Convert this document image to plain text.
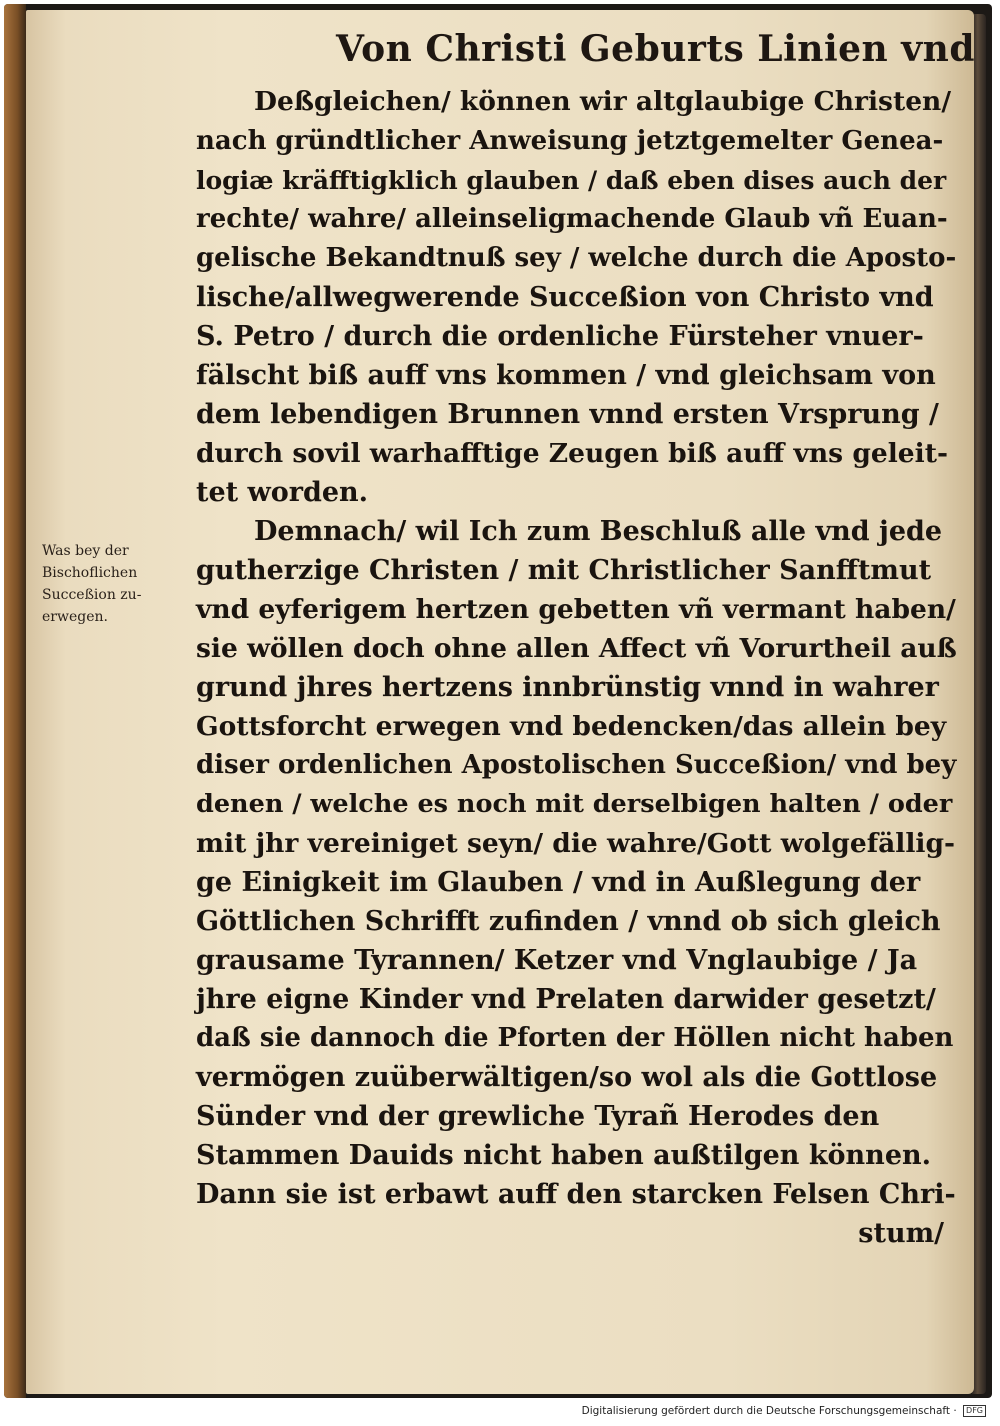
Von Christi Geburts Linien vnd
Deßgleichen/ können wir altglaubige Christen/
nach gründtlicher Anweisung jetztgemelter Genea-
logiæ kräfftigklich glauben / daß eben dises auch der
rechte/ wahre/ alleinseligmachende Glaub vñ Euan-
gelische Bekandtnuß sey / welche durch die Aposto-
lische/allwegwerende Succeßion von Christo vnd
S. Petro / durch die ordenliche Fürsteher vnuer-
fälscht biß auff vns kommen / vnd gleichsam von
dem lebendigen Brunnen vnnd ersten Vrsprung /
durch sovil warhafftige Zeugen biß auff vns geleit-
tet worden.
Demnach/ wil Ich zum Beschluß alle vnd jede
gutherzige Christen / mit Christlicher Sanfftmut
vnd eyferigem hertzen gebetten vñ vermant haben/
sie wöllen doch ohne allen Affect vñ Vorurtheil auß
grund jhres hertzens innbrünstig vnnd in wahrer
Gottsforcht erwegen vnd bedencken/das allein bey
diser ordenlichen Apostolischen Succeßion/ vnd bey
denen / welche es noch mit derselbigen halten / oder
mit jhr vereiniget seyn/ die wahre/Gott wolgefällig-
ge Einigkeit im Glauben / vnd in Außlegung der
Göttlichen Schrifft zufinden / vnnd ob sich gleich
grausame Tyrannen/ Ketzer vnd Vnglaubige / Ja
jhre eigne Kinder vnd Prelaten darwider gesetzt/
daß sie dannoch die Pforten der Höllen nicht haben
vermögen zuüberwältigen/so wol als die Gottlose
Sünder vnd der grewliche Tyrañ Herodes den
Stammen Dauids nicht haben außtilgen können.
Dann sie ist erbawt auff den starcken Felsen Chri-
stum/
Was bey der
Bischoflichen
Succeßion zu-
erwegen.
Digitalisierung gefördert durch die Deutsche Forschungsgemeinschaft · DFG
